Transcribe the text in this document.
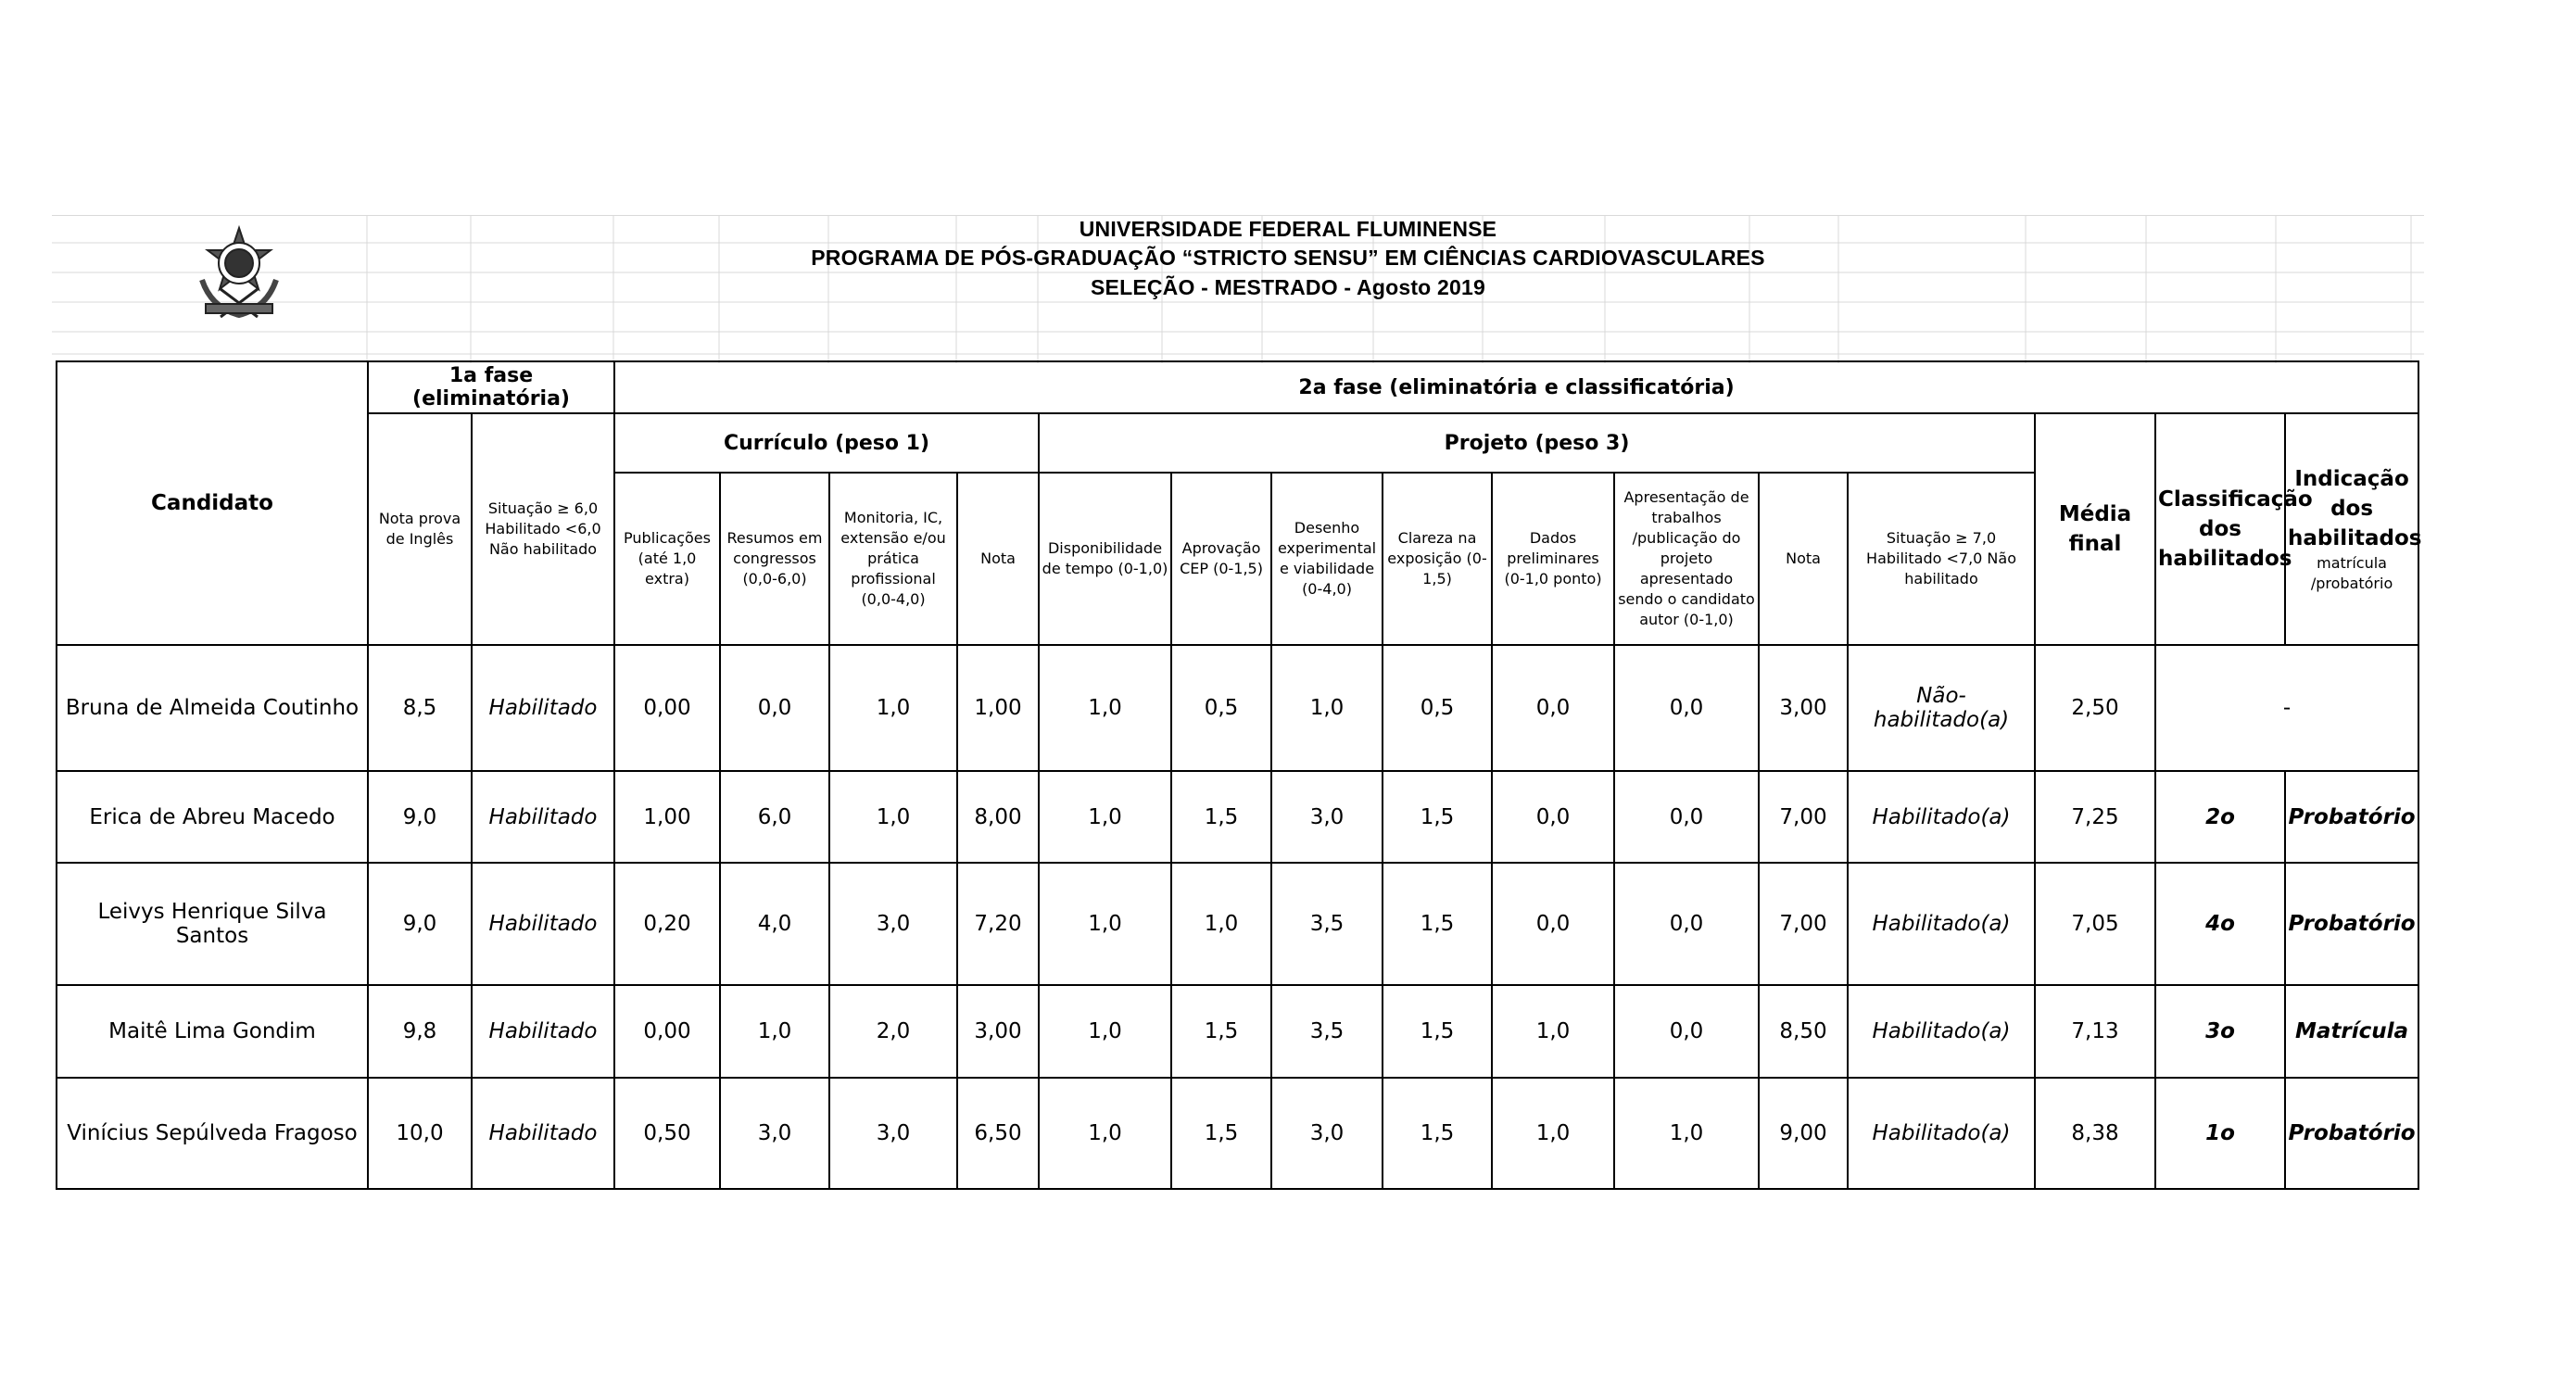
UNIVERSIDADE FEDERAL FLUMINENSE
PROGRAMA DE PÓS-GRADUAÇÃO “STRICTO SENSU” EM CIÊNCIAS CARDIOVASCULARES
SELEÇÃO - MESTRADO - Agosto 2019
Candidato	1a fase (eliminatória)		2a fase (eliminatória e classificatória)														
	Nota prova de Inglês	Situação ≥ 6,0 Habilitado <6,0 Não habilitado	Currículo (peso 1)				Projeto (peso 3)								Média final	Classificação dos habilitados	Indicação dos habilitados
matrícula /probatório

			Publicações (até 1,0 extra)	Resumos em congressos (0,0-6,0)	Monitoria, IC, extensão e/ou prática profissional (0,0-4,0)	Nota	Disponibilidade de tempo (0-1,0)	Aprovação CEP (0-1,5)	Desenho experimental e viabilidade (0-4,0)	Clareza na exposição (0-1,5)	Dados preliminares (0-1,0 ponto)	Apresentação de trabalhos /publicação do projeto apresentado sendo o candidato autor (0-1,0)	Nota	Situação ≥ 7,0 Habilitado <7,0 Não habilitado			
Bruna de Almeida Coutinho	8,5	Habilitado	0,00	0,0	1,0	1,00	1,0	0,5	1,0	0,5	0,0	0,0	3,00	Não-habilitado(a)	2,50	-	
Erica de Abreu Macedo	9,0	Habilitado	1,00	6,0	1,0	8,00	1,0	1,5	3,0	1,5	0,0	0,0	7,00	Habilitado(a)	7,25	2o	Probatório
Leivys Henrique Silva Santos	9,0	Habilitado	0,20	4,0	3,0	7,20	1,0	1,0	3,5	1,5	0,0	0,0	7,00	Habilitado(a)	7,05	4o	Probatório
Maitê Lima Gondim	9,8	Habilitado	0,00	1,0	2,0	3,00	1,0	1,5	3,5	1,5	1,0	0,0	8,50	Habilitado(a)	7,13	3o	Matrícula
Vinícius Sepúlveda Fragoso	10,0	Habilitado	0,50	3,0	3,0	6,50	1,0	1,5	3,0	1,5	1,0	1,0	9,00	Habilitado(a)	8,38	1o	Probatório
